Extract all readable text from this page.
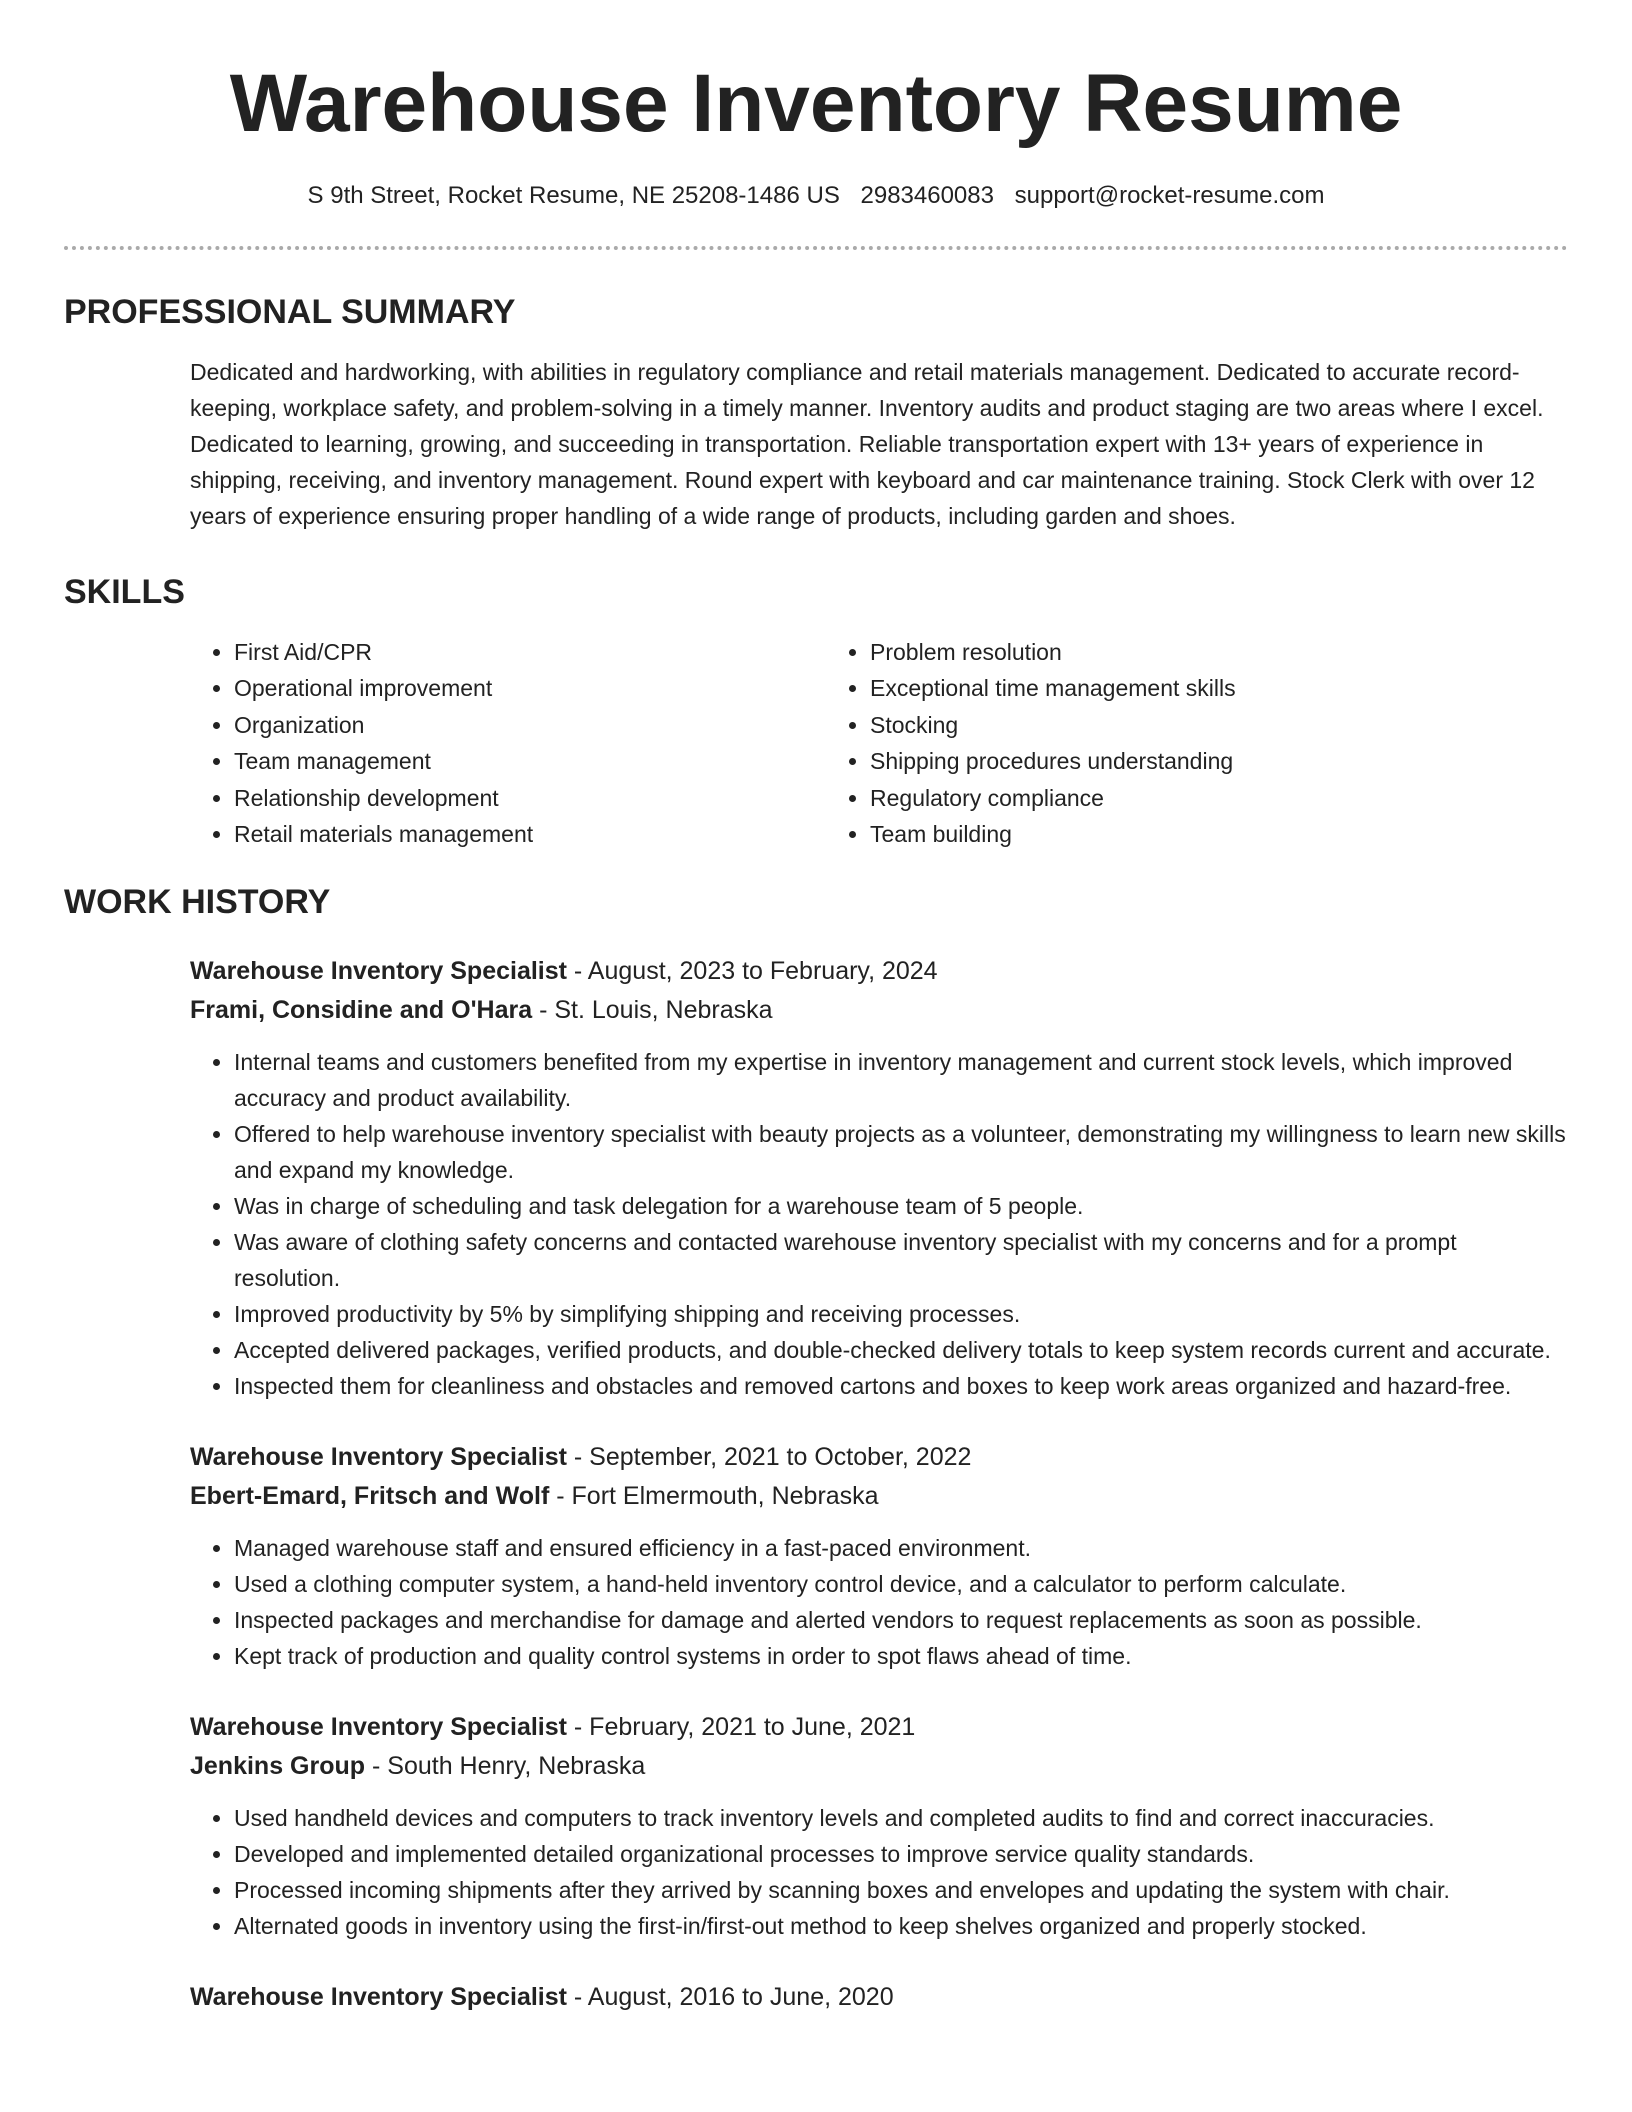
Warehouse Inventory Resume
S 9th Street, Rocket Resume, NE 25208-1486 US 2983460083 support@rocket-resume.com
PROFESSIONAL SUMMARY

Dedicated and hardworking, with abilities in regulatory compliance and retail materials management. Dedicated to accurate record-keeping, workplace safety, and problem-solving in a timely manner. Inventory audits and product staging are two areas where I excel. Dedicated to learning, growing, and succeeding in transportation. Reliable transportation expert with 13+ years of experience in shipping, receiving, and inventory management. Round expert with keyboard and car maintenance training. Stock Clerk with over 12 years of experience ensuring proper handling of a wide range of products, including garden and shoes.

SKILLS
• First Aid/CPR
• Operational improvement
• Organization
• Team management
• Relationship development
• Retail materials management
• Problem resolution
• Exceptional time management skills
• Stocking
• Shipping procedures understanding
• Regulatory compliance
• Team building
WORK HISTORY
Warehouse Inventory Specialist - August, 2023 to February, 2024
Frami, Considine and O'Hara - St. Louis, Nebraska
• Internal teams and customers benefited from my expertise in inventory management and current stock levels, which improved accuracy and product availability.
• Offered to help warehouse inventory specialist with beauty projects as a volunteer, demonstrating my willingness to learn new skills and expand my knowledge.
• Was in charge of scheduling and task delegation for a warehouse team of 5 people.
• Was aware of clothing safety concerns and contacted warehouse inventory specialist with my concerns and for a prompt resolution.
• Improved productivity by 5% by simplifying shipping and receiving processes.
• Accepted delivered packages, verified products, and double-checked delivery totals to keep system records current and accurate.
• Inspected them for cleanliness and obstacles and removed cartons and boxes to keep work areas organized and hazard-free.
Warehouse Inventory Specialist - September, 2021 to October, 2022
Ebert-Emard, Fritsch and Wolf - Fort Elmermouth, Nebraska
• Managed warehouse staff and ensured efficiency in a fast-paced environment.
• Used a clothing computer system, a hand-held inventory control device, and a calculator to perform calculate.
• Inspected packages and merchandise for damage and alerted vendors to request replacements as soon as possible.
• Kept track of production and quality control systems in order to spot flaws ahead of time.
Warehouse Inventory Specialist - February, 2021 to June, 2021
Jenkins Group - South Henry, Nebraska
• Used handheld devices and computers to track inventory levels and completed audits to find and correct inaccuracies.
• Developed and implemented detailed organizational processes to improve service quality standards.
• Processed incoming shipments after they arrived by scanning boxes and envelopes and updating the system with chair.
• Alternated goods in inventory using the first-in/first-out method to keep shelves organized and properly stocked.
Warehouse Inventory Specialist - August, 2016 to June, 2020
